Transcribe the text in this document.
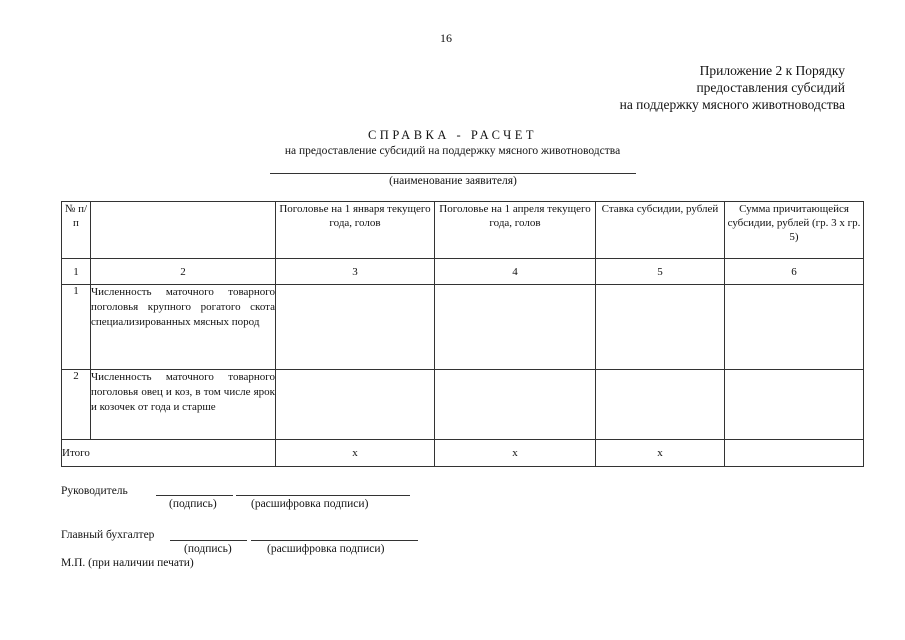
16
Приложение 2 к Порядку
предоставления субсидий
на поддержку мясного животноводства
СПРАВКА - РАСЧЕТ
на предоставление субсидий на поддержку мясного животноводства
(наименование заявителя)
№ п/п		Поголовье на 1 января текущего года, голов	Поголовье на 1 апреля текущего года, голов	Ставка субсидии, рублей	Сумма причитающейся субсидии, рублей (гр. 3 х гр. 5)
1	2	3	4	5	6
1	Численность маточного товарного поголовья крупного рогатого скота специализированных мясных пород				
2	Численность маточного товарного поголовья овец и коз, в том числе ярок и козочек от года и старше				
Итого		х	х	х	
Руководитель
(подпись)	(расшифровка подписи)
Главный бухгалтер
(подпись)	(расшифровка подписи)
М.П. (при наличии печати)
